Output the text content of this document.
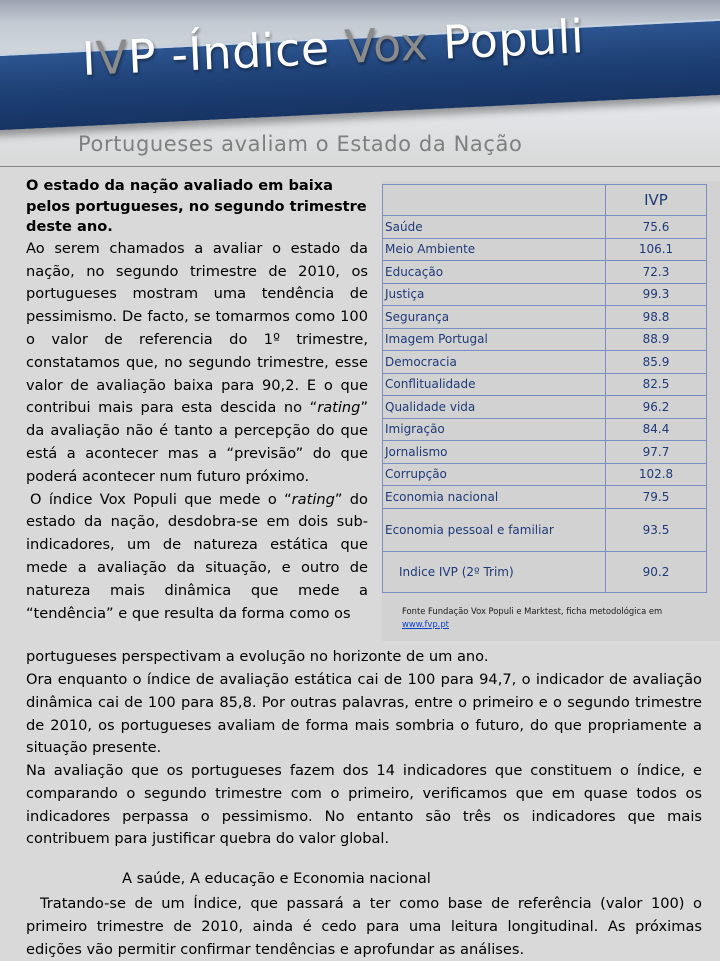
IVP -Índice Vox Populi
Portugueses avaliam o Estado da Nação

O estado da nação avaliado em baixa pelos portugueses, no segundo trimestre deste ano.

Ao serem chamados a avaliar o estado da nação, no segundo trimestre de 2010, os portugueses mostram uma tendência de pessimismo. De facto, se tomarmos como 100 o valor de referencia do 1º trimestre, constatamos que, no segundo trimestre, esse valor de avaliação baixa para 90,2. E o que contribui mais para esta descida no “rating” da avaliação não é tanto a percepção do que está a acontecer mas a “previsão” do que poderá acontecer num futuro próximo.

O índice Vox Populi que mede o “rating” do estado da nação, desdobra-se em dois sub-indicadores, um de natureza estática que mede a avaliação da situação, e outro de natureza mais dinâmica que mede a “tendência” e que resulta da forma como os

	IVP
Saúde	75.6
Meio Ambiente	106.1
Educação	72.3
Justiça	99.3
Segurança	98.8
Imagem Portugal	88.9
Democracia	85.9
Conflitualidade	82.5
Qualidade vida	96.2
Imigração	84.4
Jornalismo	97.7
Corrupção	102.8
Economia nacional	79.5
Economia pessoal e familiar	93.5
Indice IVP (2º Trim)	90.2
Fonte Fundação Vox Populi e Marktest, ficha metodológica em
www.fvp.pt

portugueses perspectivam a evolução no horizonte de um ano.

Ora enquanto o índice de avaliação estática cai de 100 para 94,7, o indicador de avaliação dinâmica cai de 100 para 85,8. Por outras palavras, entre o primeiro e o segundo trimestre de 2010, os portugueses avaliam de forma mais sombria o futuro, do que propriamente a situação presente.

Na avaliação que os portugueses fazem dos 14 indicadores que constituem o índice, e comparando o segundo trimestre com o primeiro, verificamos que em quase todos os indicadores perpassa o pessimismo. No entanto são três os indicadores que mais contribuem para justificar quebra do valor global.

A saúde, A educação e Economia nacional

Tratando-se de um Índice, que passará a ter como base de referência (valor 100) o primeiro trimestre de 2010, ainda é cedo para uma leitura longitudinal. As próximas edições vão permitir confirmar tendências e aprofundar as análises.
